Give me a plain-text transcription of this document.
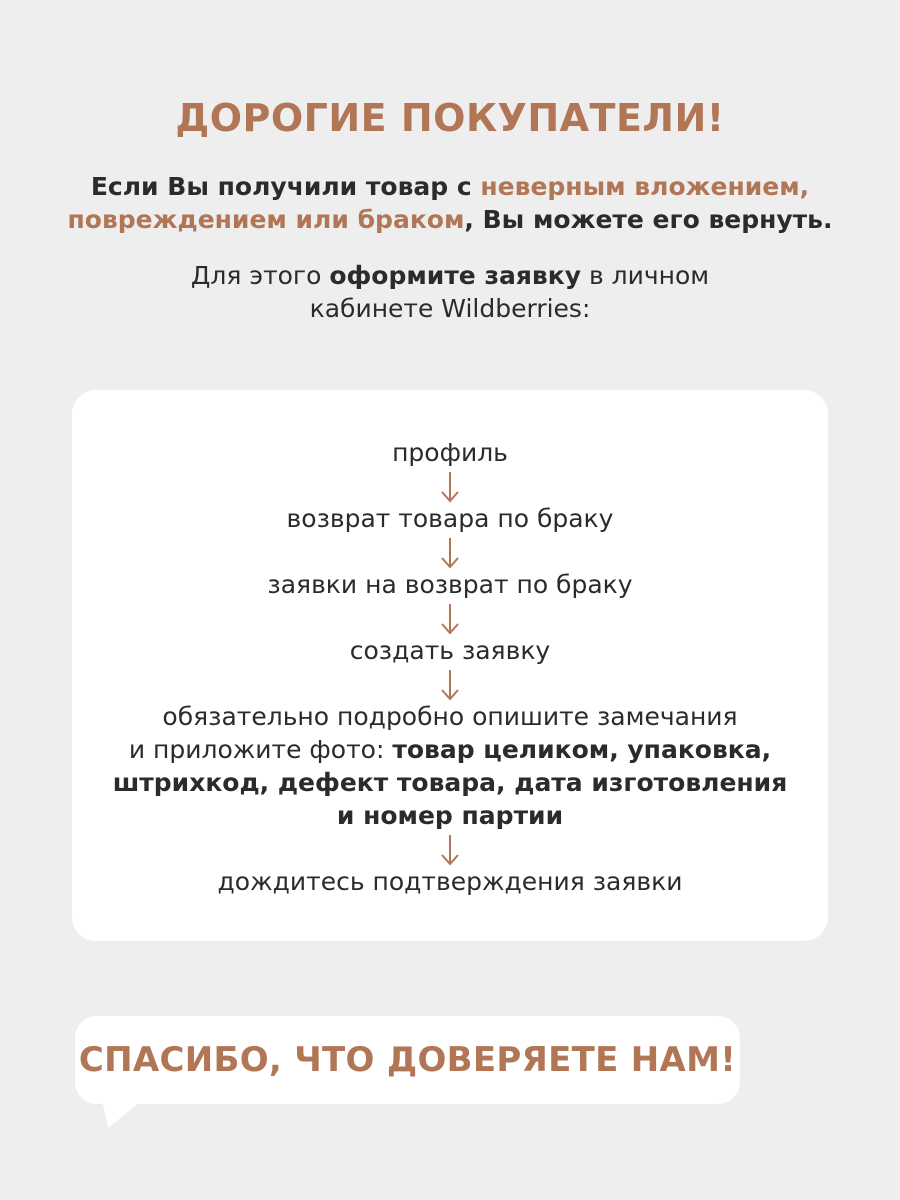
ДОРОГИЕ ПОКУПАТЕЛИ!
Если Вы получили товар с неверным вложением,
повреждением или браком, Вы можете его вернуть.
Для этого оформите заявку в личном
кабинете Wildberries:
профиль
возврат товара по браку
заявки на возврат по браку
создать заявку
обязательно подробно опишите замечания
и приложите фото: товар целиком, упаковка,
штрихкод, дефект товара, дата изготовления
и номер партии
дождитесь подтверждения заявки

СПАСИБО, ЧТО ДОВЕРЯЕТЕ НАМ!
